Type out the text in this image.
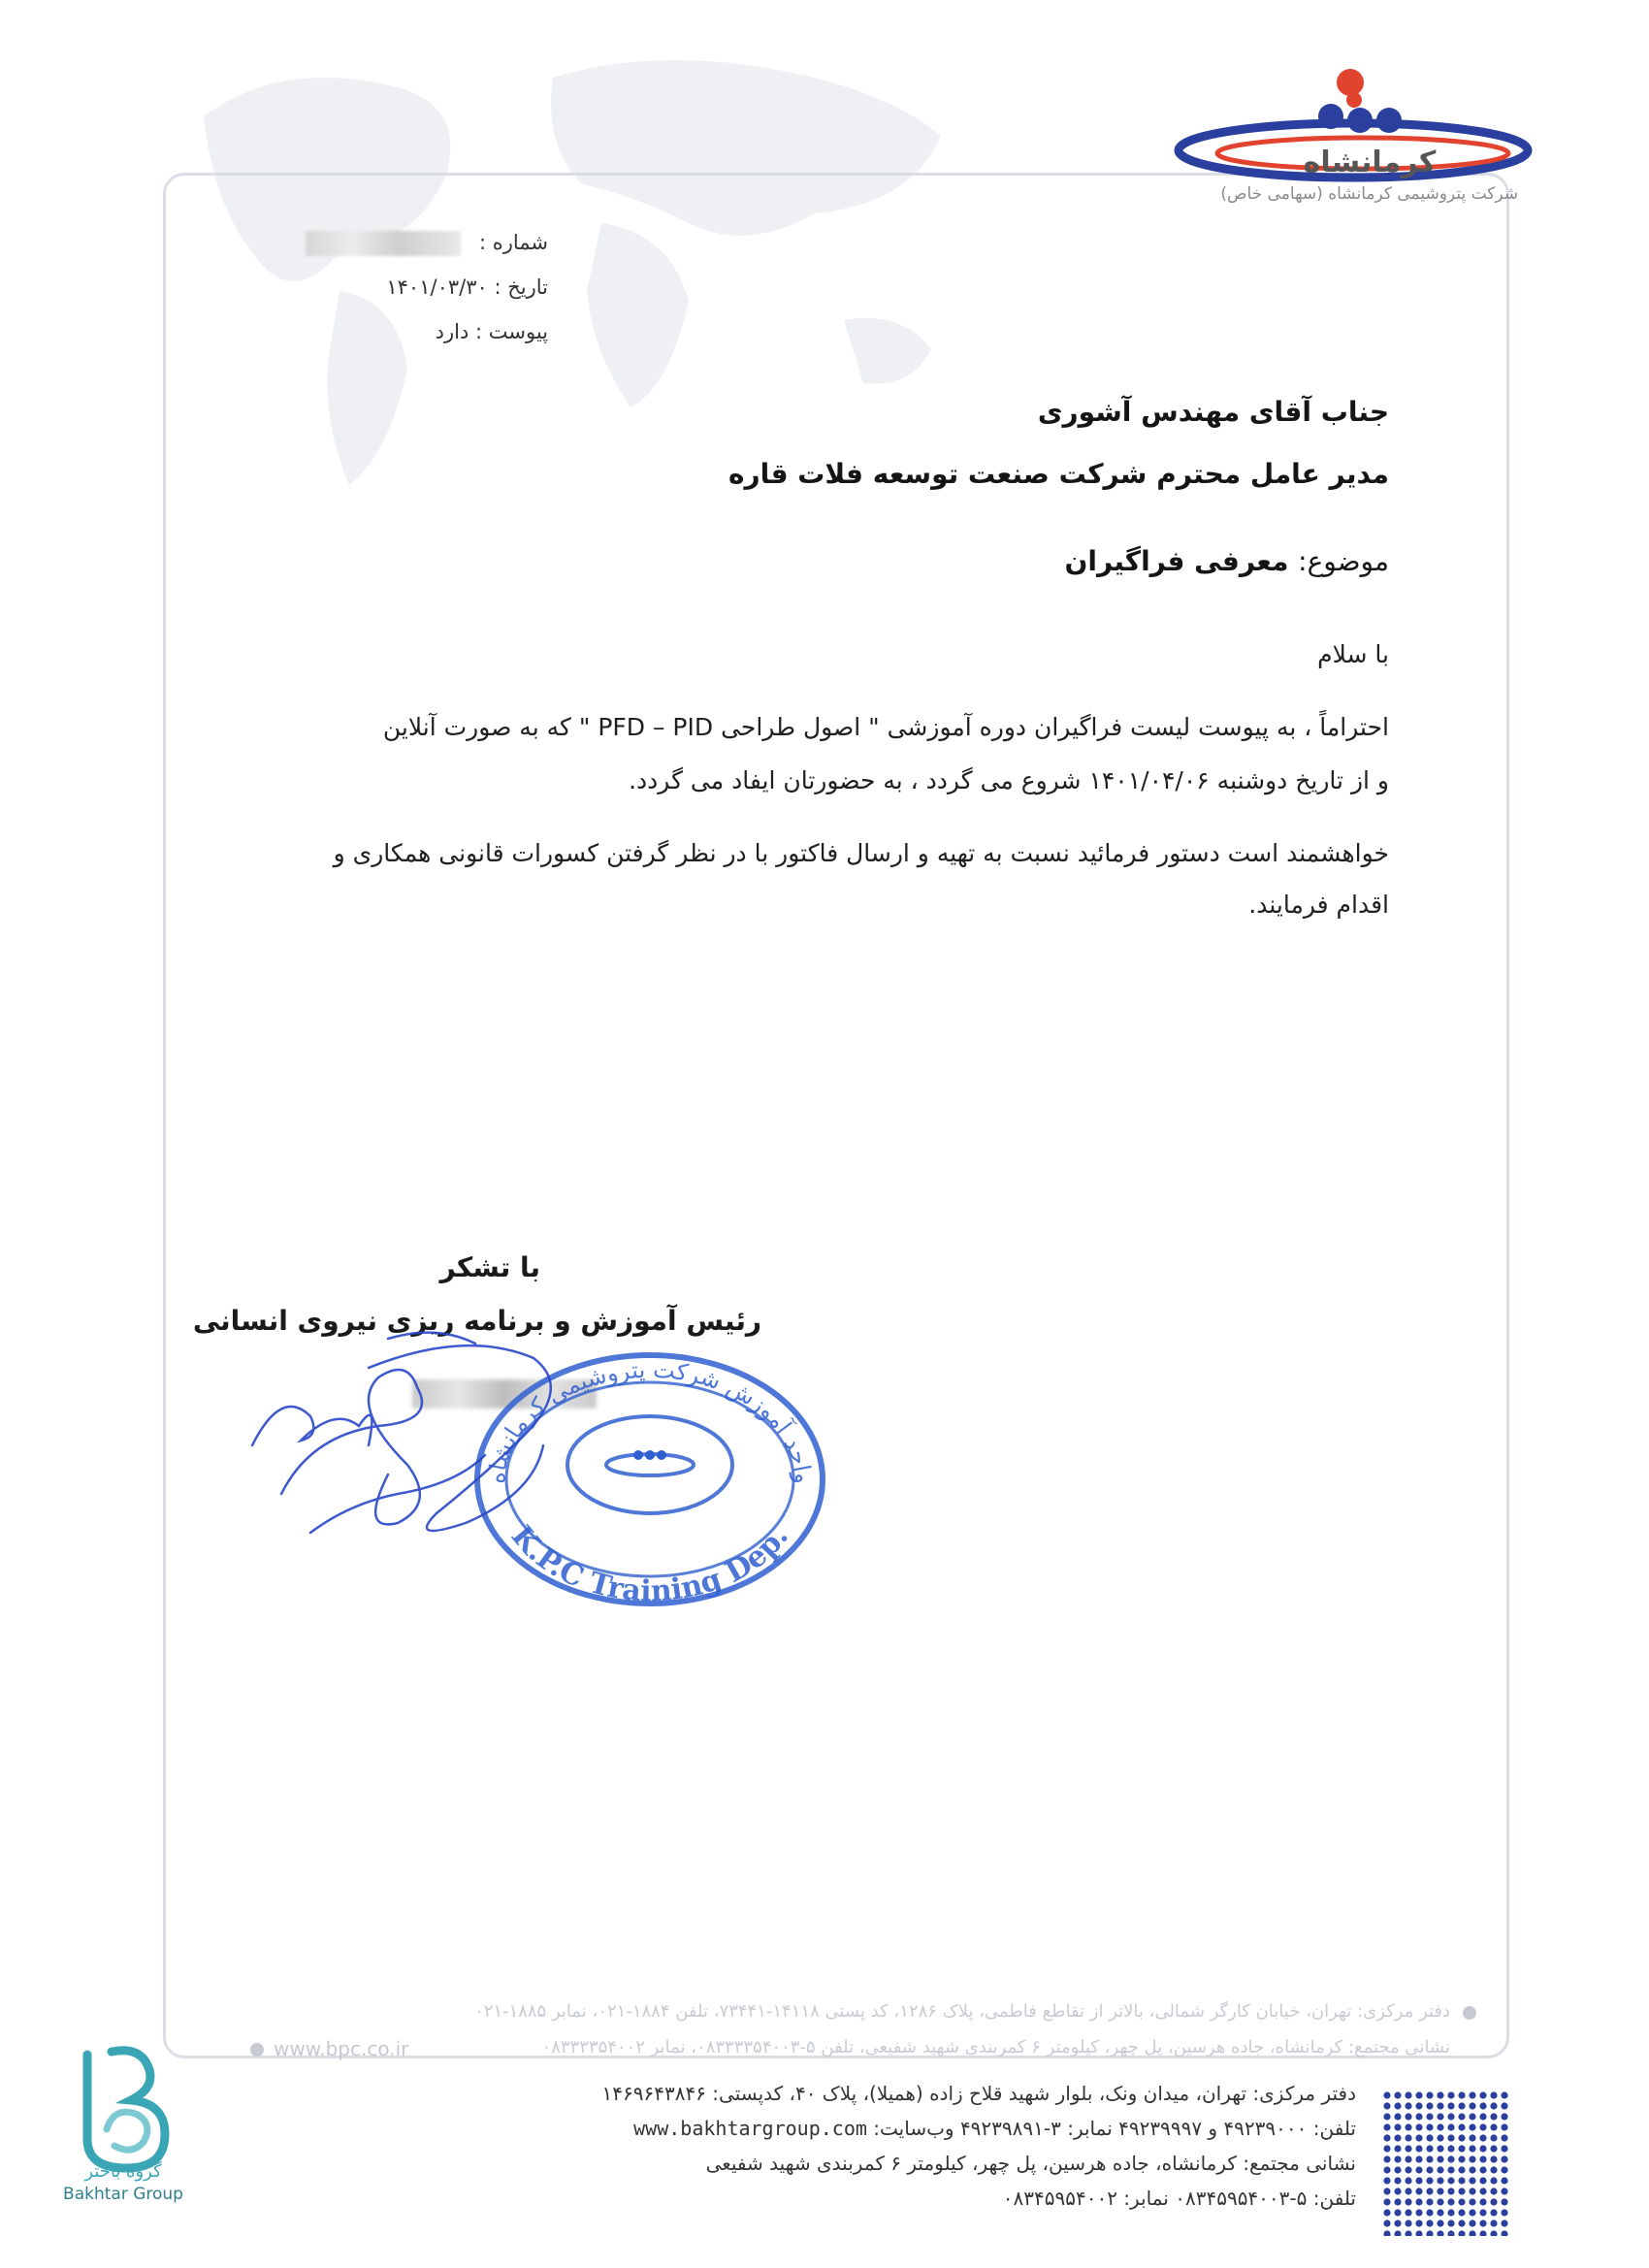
کرمانشاه
شرکت پتروشیمی کرمانشاه (سهامی خاص)
شماره :
تاریخ : ۱۴۰۱/۰۳/۳۰
پیوست : دارد
جناب آقای مهندس آشوری
مدیر عامل محترم شرکت صنعت توسعه فلات قاره
موضوع: معرفی فراگیران
با سلام
احتراماً ، به پیوست لیست فراگیران دوره آموزشی " اصول طراحی PFD – PID " که به صورت آنلاین
و از تاریخ دوشنبه ۱۴۰۱/۰۴/۰۶ شروع می گردد ، به حضورتان ایفاد می گردد.
خواهشمند است دستور فرمائید نسبت به تهیه و ارسال فاکتور با در نظر گرفتن کسورات قانونی همکاری و
اقدام فرمایند.
با تشکر
رئیس آموزش و برنامه ریزی نیروی انسانی
واحد آموزش شرکت پتروشیمی کرمانشاه
K.P.C Training Dep.
دفتر مرکزی: تهران، خیابان کارگر شمالی، بالاتر از تقاطع فاطمی، پلاک ۱۲۸۶، کد پستی ۱۴۱۱۸-۷۳۴۴۱، تلفن ۱۸۸۴-۰۲۱، نمابر ۱۸۸۵-۰۲۱
نشانی مجتمع: کرمانشاه، جاده هرسین، پل چهر، کیلومتر ۶ کمربندی شهید شفیعی، تلفن ۵-۰۸۳۳۳۳۵۴۰۰۳، نمابر ۰۸۳۳۳۳۵۴۰۰۲
www.bpc.co.ir
گروه باختر
Bakhtar Group
دفتر مرکزی: تهران، میدان ونک، بلوار شهید قلاح زاده (همیلا)، پلاک ۴۰، کدپستی: ۱۴۶۹۶۴۳۸۴۶
تلفن: ۴۹۲۳۹۰۰۰ و ۴۹۲۳۹۹۹۷ نمابر: ۳-۴۹۲۳۹۸۹۱ وب‌سایت: www.bakhtargroup.com
نشانی مجتمع: کرمانشاه، جاده هرسین، پل چهر، کیلومتر ۶ کمربندی شهید شفیعی
تلفن: ۵-۰۸۳۴۵۹۵۴۰۰۳ نمابر: ۰۸۳۴۵۹۵۴۰۰۲
